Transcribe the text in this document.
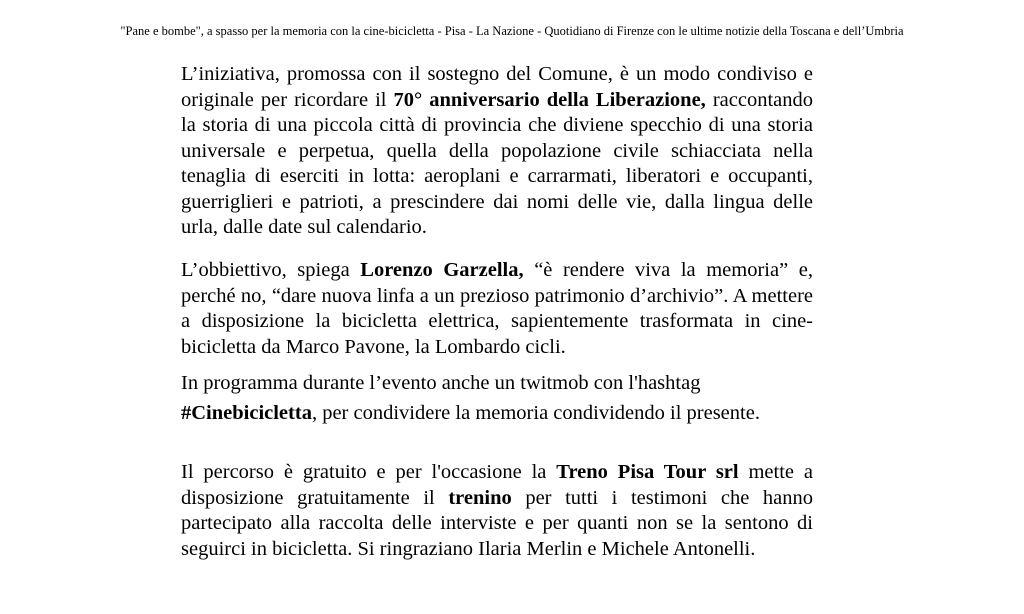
"Pane e bombe", a spasso per la memoria con la cine-bicicletta - Pisa - La Nazione - Quotidiano di Firenze con le ultime notizie della Toscana e dell’Umbria

L’iniziativa, promossa con il sostegno del Comune, è un modo condiviso e originale per ricordare il 70° anniversario della Liberazione, raccontando la storia di una piccola città di provincia che diviene specchio di una storia universale e perpetua, quella della popolazione civile schiacciata nella tenaglia di eserciti in lotta: aeroplani e carrarmati, liberatori e occupanti, guerriglieri e patrioti, a prescindere dai nomi delle vie, dalla lingua delle urla, dalle date sul calendario.

L’obbiettivo, spiega Lorenzo Garzella, “è rendere viva la memoria” e, perché no, “dare nuova linfa a un prezioso patrimonio d’archivio”. A mettere a disposizione la bicicletta elettrica, sapientemente trasformata in cine-bicicletta da Marco Pavone, la Lombardo cicli.

In programma durante l’evento anche un twitmob con l'hashtag
#Cinebicicletta, per condividere la memoria condividendo il presente.

Il percorso è gratuito e per l'occasione la Treno Pisa Tour srl mette a disposizione gratuitamente il trenino per tutti i testimoni che hanno partecipato alla raccolta delle interviste e per quanti non se la sentono di seguirci in bicicletta. Si ringraziano Ilaria Merlin e Michele Antonelli.
